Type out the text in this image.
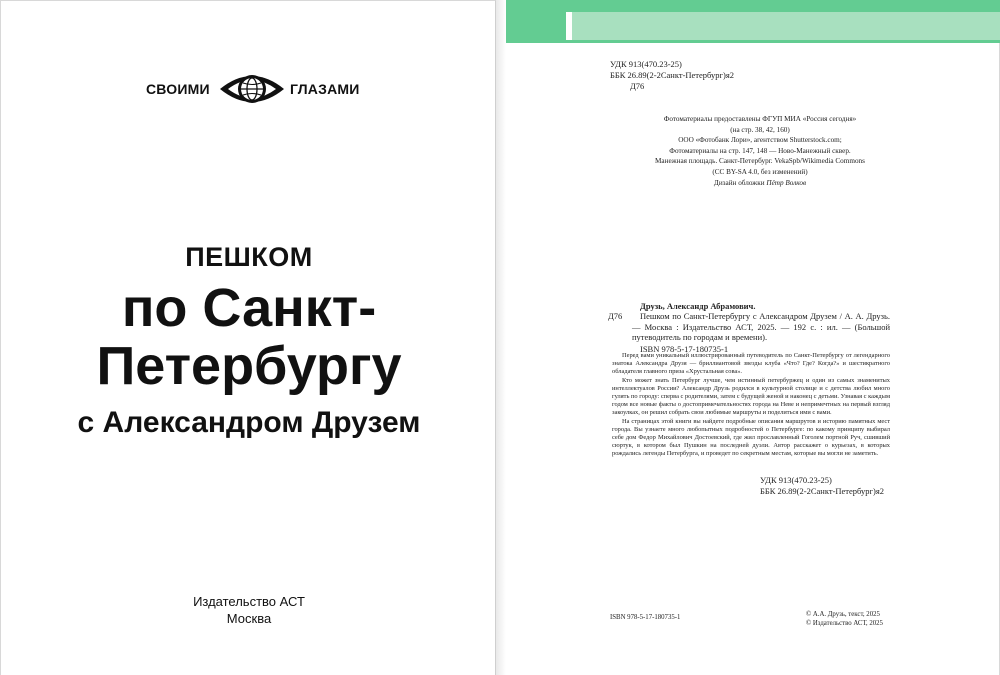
СВОИМИ	ГЛАЗАМИ
ПЕШКОМ
по Санкт-
Петербургу
с Александром Друзем
Издательство АСТ
Москва
УДК 913(470.23-25)
ББК 26.89(2-2Санкт-Петербург)я2
Д76
Фотоматериалы предоставлены ФГУП МИА «Россия сегодня»
(на стр. 38, 42, 160)
ООО «Фотобанк Лори», агентством Shutterstock.com;
Фотоматериалы на стр. 147, 148 — Ново-Манежный сквер.
Манежная площадь. Санкт-Петербург. VekaSpb/Wikimedia Commons
(CC BY-SA 4.0, без изменений)
Дизайн обложки Пётр Волков
Друзь, Александр Абрамович.
Д76	Пешком по Санкт-Петербургу с Александром Друзем / А. А. Друзь. — Москва : Издательство АСТ, 2025. — 192 с. : ил. — (Большой путеводитель по городам и времени).
ISBN 978-5-17-180735-1

Перед вами уникальный иллюстрированный путеводитель по Санкт-Петербургу от легендарного знатока Александра Друзя — бриллиантовой звезды клуба «Что? Где? Когда?» и шестикратного обладателя главного приза «Хрустальная сова».

Кто может знать Петербург лучше, чем истинный петербуржец и один из самых знаменитых интеллектуалов России? Александр Друзь родился в культурной столице и с детства любил много гулять по городу: сперва с родителями, затем с будущей женой и наконец с детьми. Узнавая с каждым годом все новые факты о достопримечательностях города на Неве и непримечтных на первый взгляд закоулках, он решил собрать свои любимые маршруты и поделиться ими с вами.

На страницах этой книги вы найдете подробные описания маршрутов и историю памятных мест города. Вы узнаете много любопытных подробностей о Петербурге: по какому принципу выбирал себе дом Федор Михайлович Достоевский, где жил прославленный Гоголем портной Руч, сшивший сюртук, в котором был Пушкин на последней дуэли. Автор расскажет о курьезах, в которых рождались легенды Петербурга, и проведет по секретным местам, которые вы могли не заметить.

УДК 913(470.23-25)
ББК 26.89(2-2Санкт-Петербург)я2
ISBN 978-5-17-180735-1	© А.А. Друзь, текст, 2025
© Издательство АСТ, 2025
